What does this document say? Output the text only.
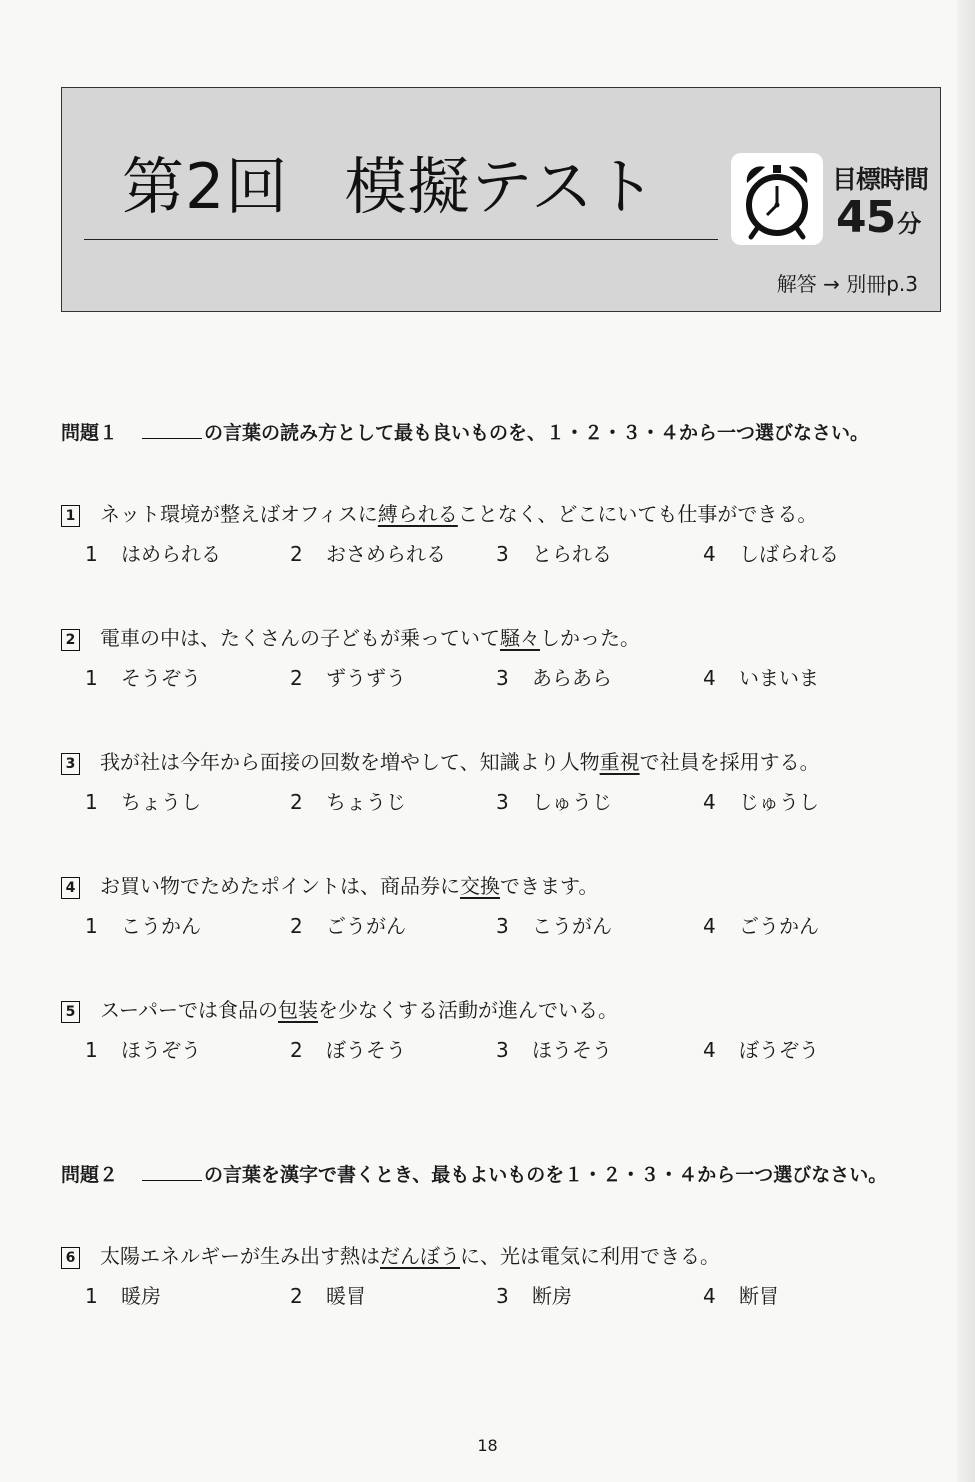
第2回 模擬テスト	目標時間
45分
解答 → 別冊p.3
問題１	の言葉の読み方として最も良いものを、１・２・３・４から一つ選びなさい。
1 ネット環境が整えばオフィスに縛られることなく、どこにいても仕事ができる。
1 はめられる	2 おさめられる	3 とられる	4 しばられる
2 電車の中は、たくさんの子どもが乗っていて騒々しかった。
1 そうぞう	2 ずうずう	3 あらあら	4 いまいま
3 我が社は今年から面接の回数を増やして、知識より人物重視で社員を採用する。
1 ちょうし	2 ちょうじ	3 しゅうじ	4 じゅうし
4 お買い物でためたポイントは、商品券に交換できます。
1 こうかん	2 ごうがん	3 こうがん	4 ごうかん
5 スーパーでは食品の包装を少なくする活動が進んでいる。
1 ほうぞう	2 ぼうそう	3 ほうそう	4 ぼうぞう
問題２	の言葉を漢字で書くとき、最もよいものを１・２・３・４から一つ選びなさい。
6 太陽エネルギーが生み出す熱はだんぼうに、光は電気に利用できる。
1 暖房	2 暖冒	3 断房	4 断冒
18
